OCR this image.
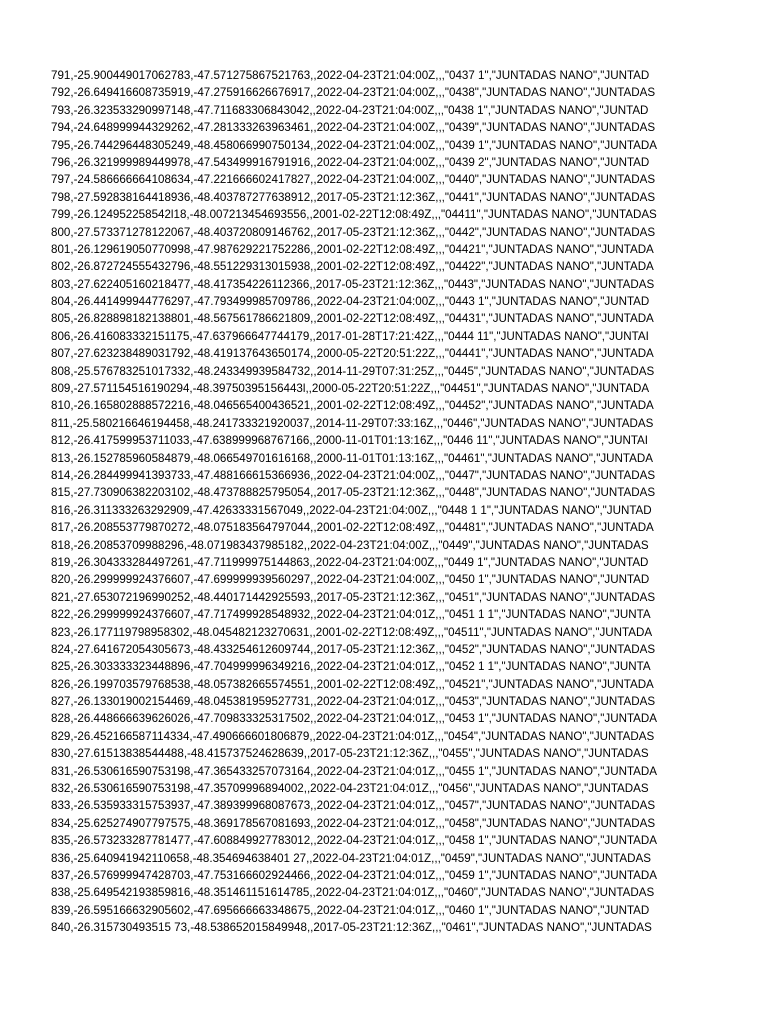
791,-25.900449017062783,-47.571275867521763,,2022-04-23T21:04:00Z,,,"0437 1","JUNTADAS NANO","JUNTAD
792,-26.649416608735919,-47.275916626676917,,2022-04-23T21:04:00Z,,,"0438","JUNTADAS NANO","JUNTADAS
793,-26.323533290997148,-47.711683306843042,,2022-04-23T21:04:00Z,,,"0438 1","JUNTADAS NANO","JUNTAD
794,-24.648999944329262,-47.281333263963461,,2022-04-23T21:04:00Z,,,"0439","JUNTADAS NANO","JUNTADAS
795,-26.744296448305249,-48.458066990750134,,2022-04-23T21:04:00Z,,,"0439 1","JUNTADAS NANO","JUNTADA
796,-26.321999989449978,-47.543499916791916,,2022-04-23T21:04:00Z,,,"0439 2","JUNTADAS NANO","JUNTAD
797,-24.586666664108634,-47.221666602417827,,2022-04-23T21:04:00Z,,,"0440","JUNTADAS NANO","JUNTADAS
798,-27.592838164418936,-48.403787277638912,,2017-05-23T21:12:36Z,,,"0441","JUNTADAS NANO","JUNTADAS
799,-26.124952258542l18,-48.007213454693556,,2001-02-22T12:08:49Z,,,"04411","JUNTADAS NANO","JUNTADAS
800,-27.573371278122067,-48.403720809146762,,2017-05-23T21:12:36Z,,,"0442","JUNTADAS NANO","JUNTADAS
801,-26.129619050770998,-47.987629221752286,,2001-02-22T12:08:49Z,,,"04421","JUNTADAS NANO","JUNTADA
802,-26.872724555432796,-48.551229313015938,,2001-02-22T12:08:49Z,,,"04422","JUNTADAS NANO","JUNTADA
803,-27.622405160218477,-48.417354226112366,,2017-05-23T21:12:36Z,,,"0443","JUNTADAS NANO","JUNTADAS
804,-26.441499944776297,-47.793499985709786,,2022-04-23T21:04:00Z,,,"0443 1","JUNTADAS NANO","JUNTAD
805,-26.828898182138801,-48.567561786621809,,2001-02-22T12:08:49Z,,,"04431","JUNTADAS NANO","JUNTADA
806,-26.416083332151175,-47.637966647744179,,2017-01-28T17:21:42Z,,,"0444 11","JUNTADAS NANO","JUNTAI
807,-27.623238489031792,-48.419137643650174,,2000-05-22T20:51:22Z,,,"04441","JUNTADAS NANO","JUNTADA
808,-25.576783251017332,-48.243349939584732,,2014-11-29T07:31:25Z,,,"0445","JUNTADAS NANO","JUNTADAS
809,-27.571154516190294,-48.39750395156443l,,2000-05-22T20:51:22Z,,,"04451","JUNTADAS NANO","JUNTADA
810,-26.165802888572216,-48.046565400436521,,2001-02-22T12:08:49Z,,,"04452","JUNTADAS NANO","JUNTADA
811,-25.580216646194458,-48.241733321920037,,2014-11-29T07:33:16Z,,,"0446","JUNTADAS NANO","JUNTADAS
812,-26.417599953711033,-47.638999968767166,,2000-11-01T01:13:16Z,,,"0446 11","JUNTADAS NANO","JUNTAI
813,-26.152785960584879,-48.066549701616168,,2000-11-01T01:13:16Z,,,"04461","JUNTADAS NANO","JUNTADA
814,-26.284499941393733,-47.488166615366936,,2022-04-23T21:04:00Z,,,"0447","JUNTADAS NANO","JUNTADAS
815,-27.730906382203102,-48.473788825795054,,2017-05-23T21:12:36Z,,,"0448","JUNTADAS NANO","JUNTADAS
816,-26.311333263292909,-47.42633331567049,,2022-04-23T21:04:00Z,,,"0448 1 1","JUNTADAS NANO","JUNTAD
817,-26.208553779870272,-48.075183564797044,,2001-02-22T12:08:49Z,,,"04481","JUNTADAS NANO","JUNTADA
818,-26.20853709988296,-48.071983437985182,,2022-04-23T21:04:00Z,,,"0449","JUNTADAS NANO","JUNTADAS
819,-26.304333284497261,-47.711999975144863,,2022-04-23T21:04:00Z,,,"0449 1","JUNTADAS NANO","JUNTAD
820,-26.299999924376607,-47.699999939560297,,2022-04-23T21:04:00Z,,,"0450 1","JUNTADAS NANO","JUNTAD
821,-27.653072196990252,-48.440171442925593,,2017-05-23T21:12:36Z,,,"0451","JUNTADAS NANO","JUNTADAS
822,-26.299999924376607,-47.717499928548932,,2022-04-23T21:04:01Z,,,"0451 1 1","JUNTADAS NANO","JUNTA
823,-26.177119798958302,-48.045482123270631,,2001-02-22T12:08:49Z,,,"04511","JUNTADAS NANO","JUNTADA
824,-27.641672054305673,-48.433254612609744,,2017-05-23T21:12:36Z,,,"0452","JUNTADAS NANO","JUNTADAS
825,-26.303333323448896,-47.704999996349216,,2022-04-23T21:04:01Z,,,"0452 1 1","JUNTADAS NANO","JUNTA
826,-26.199703579768538,-48.057382665574551,,2001-02-22T12:08:49Z,,,"04521","JUNTADAS NANO","JUNTADA
827,-26.133019002154469,-48.045381959527731,,2022-04-23T21:04:01Z,,,"0453","JUNTADAS NANO","JUNTADAS
828,-26.448666639626026,-47.709833325317502,,2022-04-23T21:04:01Z,,,"0453 1","JUNTADAS NANO","JUNTADA
829,-26.452166587114334,-47.490666601806879,,2022-04-23T21:04:01Z,,,"0454","JUNTADAS NANO","JUNTADAS
830,-27.61513838544488,-48.415737524628639,,2017-05-23T21:12:36Z,,,"0455","JUNTADAS NANO","JUNTADAS
831,-26.530616590753198,-47.365433257073164,,2022-04-23T21:04:01Z,,,"0455 1","JUNTADAS NANO","JUNTADA
832,-26.530616590753198,-47.35709996894002,,2022-04-23T21:04:01Z,,,"0456","JUNTADAS NANO","JUNTADAS
833,-26.535933315753937,-47.389399968087673,,2022-04-23T21:04:01Z,,,"0457","JUNTADAS NANO","JUNTADAS
834,-25.625274907797575,-48.369178567081693,,2022-04-23T21:04:01Z,,,"0458","JUNTADAS NANO","JUNTADAS
835,-26.573233287781477,-47.608849927783012,,2022-04-23T21:04:01Z,,,"0458 1","JUNTADAS NANO","JUNTADA
836,-25.640941942110658,-48.354694638401 27,,2022-04-23T21:04:01Z,,,"0459","JUNTADAS NANO","JUNTADAS
837,-26.576999947428703,-47.753166602924466,,2022-04-23T21:04:01Z,,,"0459 1","JUNTADAS NANO","JUNTADA
838,-25.649542193859816,-48.351461151614785,,2022-04-23T21:04:01Z,,,"0460","JUNTADAS NANO","JUNTADAS
839,-26.595166632905602,-47.695666663348675,,2022-04-23T21:04:01Z,,,"0460 1","JUNTADAS NANO","JUNTAD
840,-26.315730493515 73,-48.538652015849948,,2017-05-23T21:12:36Z,,,"0461","JUNTADAS NANO","JUNTADAS
